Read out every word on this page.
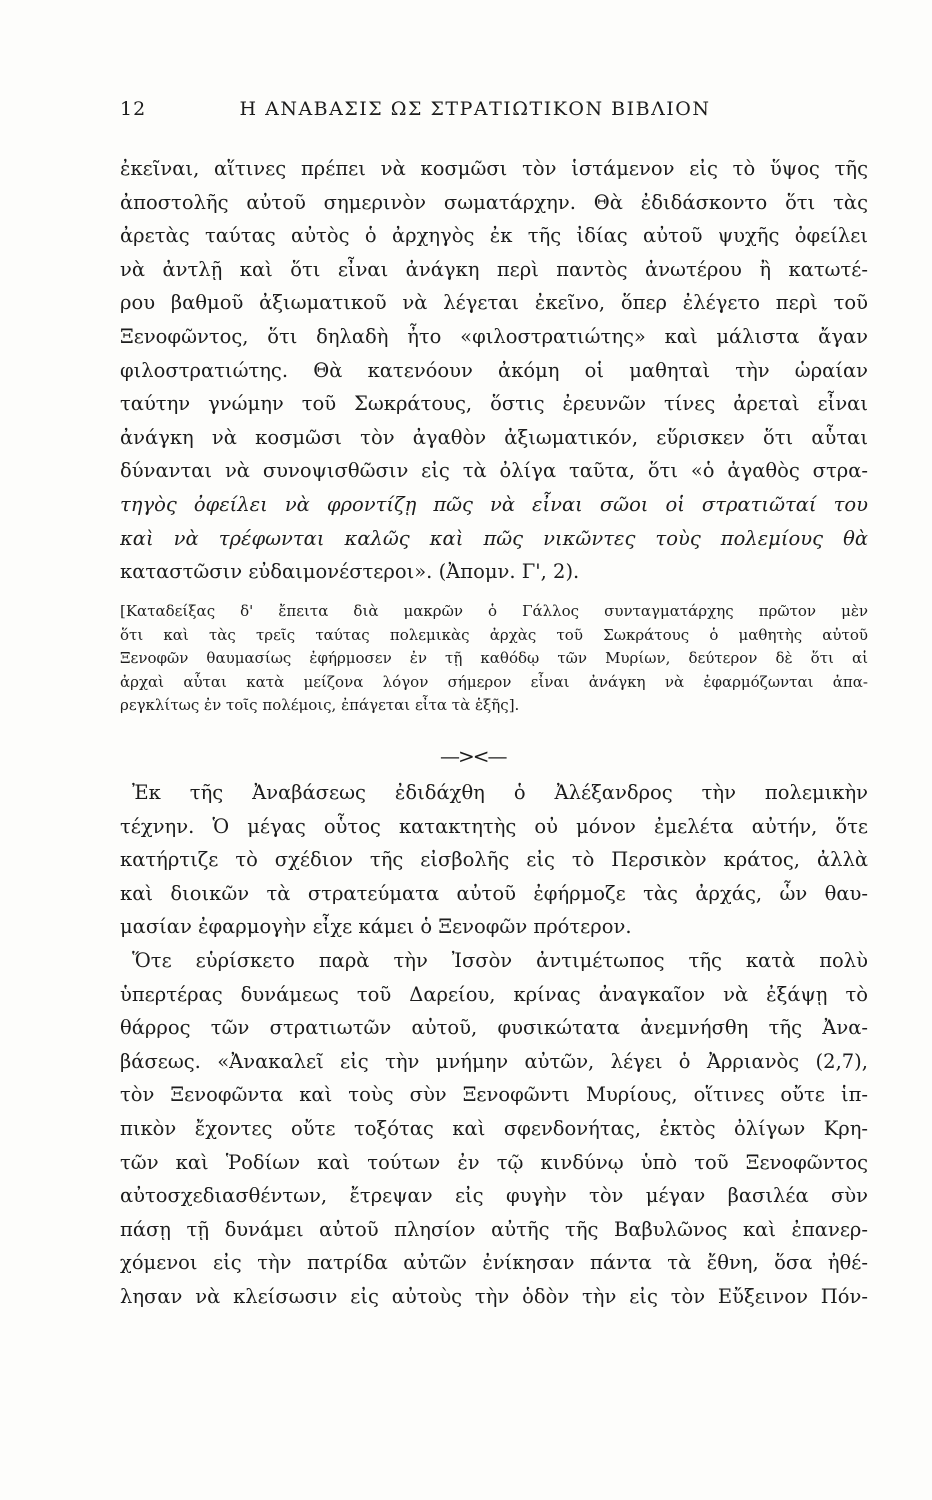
12	Η ΑΝΑΒΑΣΙΣ ΩΣ ΣΤΡΑΤΙΩΤΙΚΟΝ ΒΙΒΛΙΟΝ
ἐκεῖναι, αἵτινες πρέπει νὰ κοσμῶσι τὸν ἱστάμενον εἰς τὸ ὕψος τῆς
ἀποστολῆς αὐτοῦ σημερινὸν σωματάρχην. Θὰ ἐδιδάσκοντο ὅτι τὰς
ἀρετὰς ταύτας αὐτὸς ὁ ἀρχηγὸς ἐκ τῆς ἰδίας αὐτοῦ ψυχῆς ὀφείλει
νὰ ἀντλῇ καὶ ὅτι εἶναι ἀνάγκη περὶ παντὸς ἀνωτέρου ἢ κατωτέ-
ρου βαθμοῦ ἀξιωματικοῦ νὰ λέγεται ἐκεῖνο, ὅπερ ἐλέγετο περὶ τοῦ
Ξενοφῶντος, ὅτι δηλαδὴ ἦτο «φιλοστρατιώτης» καὶ μάλιστα ἄγαν
φιλοστρατιώτης. Θὰ κατενόουν ἀκόμη οἱ μαθηταὶ τὴν ὡραίαν
ταύτην γνώμην τοῦ Σωκράτους, ὅστις ἐρευνῶν τίνες ἀρεταὶ εἶναι
ἀνάγκη νὰ κοσμῶσι τὸν ἀγαθὸν ἀξιωματικόν, εὕρισκεν ὅτι αὗται
δύνανται νὰ συνοψισθῶσιν εἰς τὰ ὀλίγα ταῦτα, ὅτι «ὁ ἀγαθὸς στρα-
τηγὸς ὀφείλει νὰ φροντίζῃ πῶς νὰ εἶναι σῶοι οἱ στρατιῶταί του
καὶ νὰ τρέφωνται καλῶς καὶ πῶς νικῶντες τοὺς πολεμίους θὰ
καταστῶσιν εὐδαιμονέστεροι». (Ἀπομν. Γ', 2).
[Καταδείξας δ' ἔπειτα διὰ μακρῶν ὁ Γάλλος συνταγματάρχης πρῶτον μὲν
ὅτι καὶ τὰς τρεῖς ταύτας πολεμικὰς ἀρχὰς τοῦ Σωκράτους ὁ μαθητὴς αὐτοῦ
Ξενοφῶν θαυμασίως ἐφήρμοσεν ἐν τῇ καθόδῳ τῶν Μυρίων, δεύτερον δὲ ὅτι αἱ
ἀρχαὶ αὗται κατὰ μείζονα λόγον σήμερον εἶναι ἀνάγκη νὰ ἐφαρμόζωνται ἀπα-
ρεγκλίτως ἐν τοῖς πολέμοις, ἐπάγεται εἶτα τὰ ἑξῆς].
—><—
Ἐκ τῆς Ἀναβάσεως ἐδιδάχθη ὁ Ἀλέξανδρος τὴν πολεμικὴν
τέχνην. Ὁ μέγας οὗτος κατακτητὴς οὐ μόνον ἐμελέτα αὐτήν, ὅτε
κατήρτιζε τὸ σχέδιον τῆς εἰσβολῆς εἰς τὸ Περσικὸν κράτος, ἀλλὰ
καὶ διοικῶν τὰ στρατεύματα αὐτοῦ ἐφήρμοζε τὰς ἀρχάς, ὧν θαυ-
μασίαν ἐφαρμογὴν εἶχε κάμει ὁ Ξενοφῶν πρότερον.
Ὅτε εὑρίσκετο παρὰ τὴν Ἰσσὸν ἀντιμέτωπος τῆς κατὰ πολὺ
ὑπερτέρας δυνάμεως τοῦ Δαρείου, κρίνας ἀναγκαῖον νὰ ἐξάψῃ τὸ
θάρρος τῶν στρατιωτῶν αὐτοῦ, φυσικώτατα ἀνεμνήσθη τῆς Ἀνα-
βάσεως. «Ἀνακαλεῖ εἰς τὴν μνήμην αὐτῶν, λέγει ὁ Ἀρριανὸς (2,7),
τὸν Ξενοφῶντα καὶ τοὺς σὺν Ξενοφῶντι Μυρίους, οἵτινες οὔτε ἱπ-
πικὸν ἔχοντες οὔτε τοξότας καὶ σφενδονήτας, ἐκτὸς ὀλίγων Κρη-
τῶν καὶ Ῥοδίων καὶ τούτων ἐν τῷ κινδύνῳ ὑπὸ τοῦ Ξενοφῶντος
αὐτοσχεδιασθέντων, ἔτρεψαν εἰς φυγὴν τὸν μέγαν βασιλέα σὺν
πάσῃ τῇ δυνάμει αὐτοῦ πλησίον αὐτῆς τῆς Βαβυλῶνος καὶ ἐπανερ-
χόμενοι εἰς τὴν πατρίδα αὐτῶν ἐνίκησαν πάντα τὰ ἔθνη, ὅσα ἠθέ-
λησαν νὰ κλείσωσιν εἰς αὐτοὺς τὴν ὁδὸν τὴν εἰς τὸν Εὔξεινον Πόν-
